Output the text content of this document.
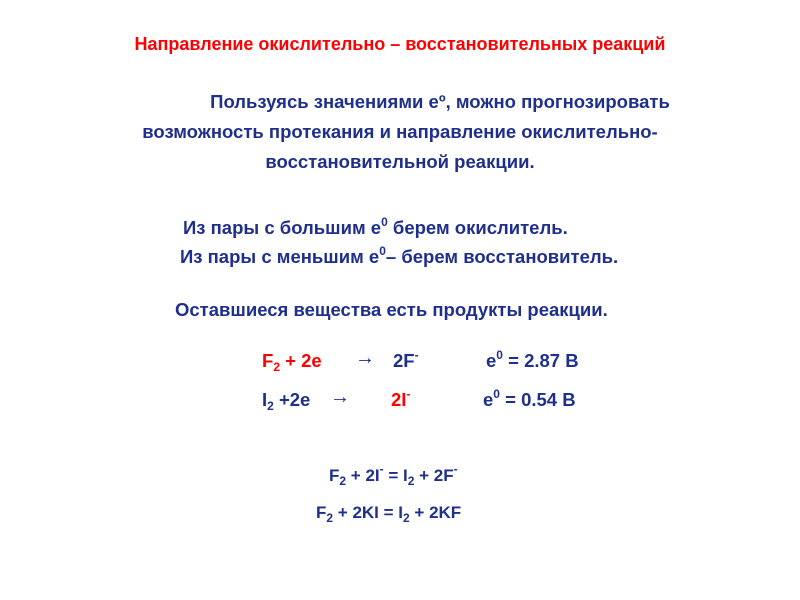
Направление окислительно – восстановительных реакций
Пользуясь значениями еº, можно прогнозировать
возможность протекания и направление окислительно-
восстановительной реакции.
Из пары с большим $е^0$ берем окислитель.
Из пары с меньшим $е^0-$ берем восстановитель.
Оставшиеся вещества есть продукты реакции.
$F_2 + 2e \to 2F^-$	$e^0 = 2.87$ В
$I_2 +2e \to 2I^-$	$e^0 = 0.54$ В
$F_2 + 2I^- = I_2 + 2F^-$
$F_2 + 2KI = I_2 + 2KF$
